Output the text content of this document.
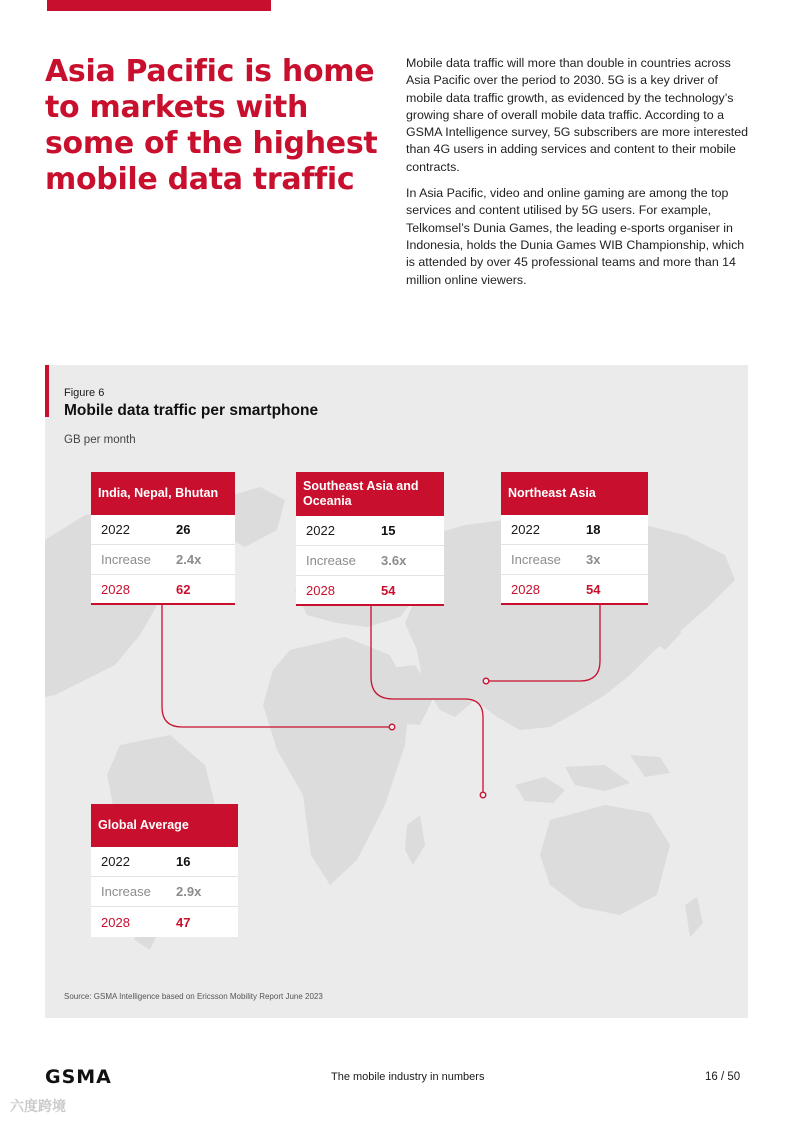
Asia Pacific is home
to markets with
some of the highest
mobile data traffic

Mobile data traffic will more than double in countries across Asia Pacific over the period to 2030. 5G is a key driver of mobile data traffic growth, as evidenced by the technology’s growing share of overall mobile data traffic. According to a GSMA Intelligence survey, 5G subscribers are more interested than 4G users in adding services and content to their mobile contracts.

In Asia Pacific, video and online gaming are among the top services and content utilised by 5G users. For example, Telkomsel’s Dunia Games, the leading e-sports organiser in Indonesia, holds the Dunia Games WIB Championship, which is attended by over 45 professional teams and more than 14 million online viewers.

Figure 6
Mobile data traffic per smartphone
GB per month
India, Nepal, Bhutan
2022	26
Increase	2.4x
2028	62
Southeast Asia and Oceania
2022	15
Increase	3.6x
2028	54
Northeast Asia
2022	18
Increase	3x
2028	54
Global Average
2022	16
Increase	2.9x
2028	47
Source: GSMA Intelligence based on Ericsson Mobility Report June 2023
GSMA	The mobile industry in numbers	16 / 50
六度跨境
